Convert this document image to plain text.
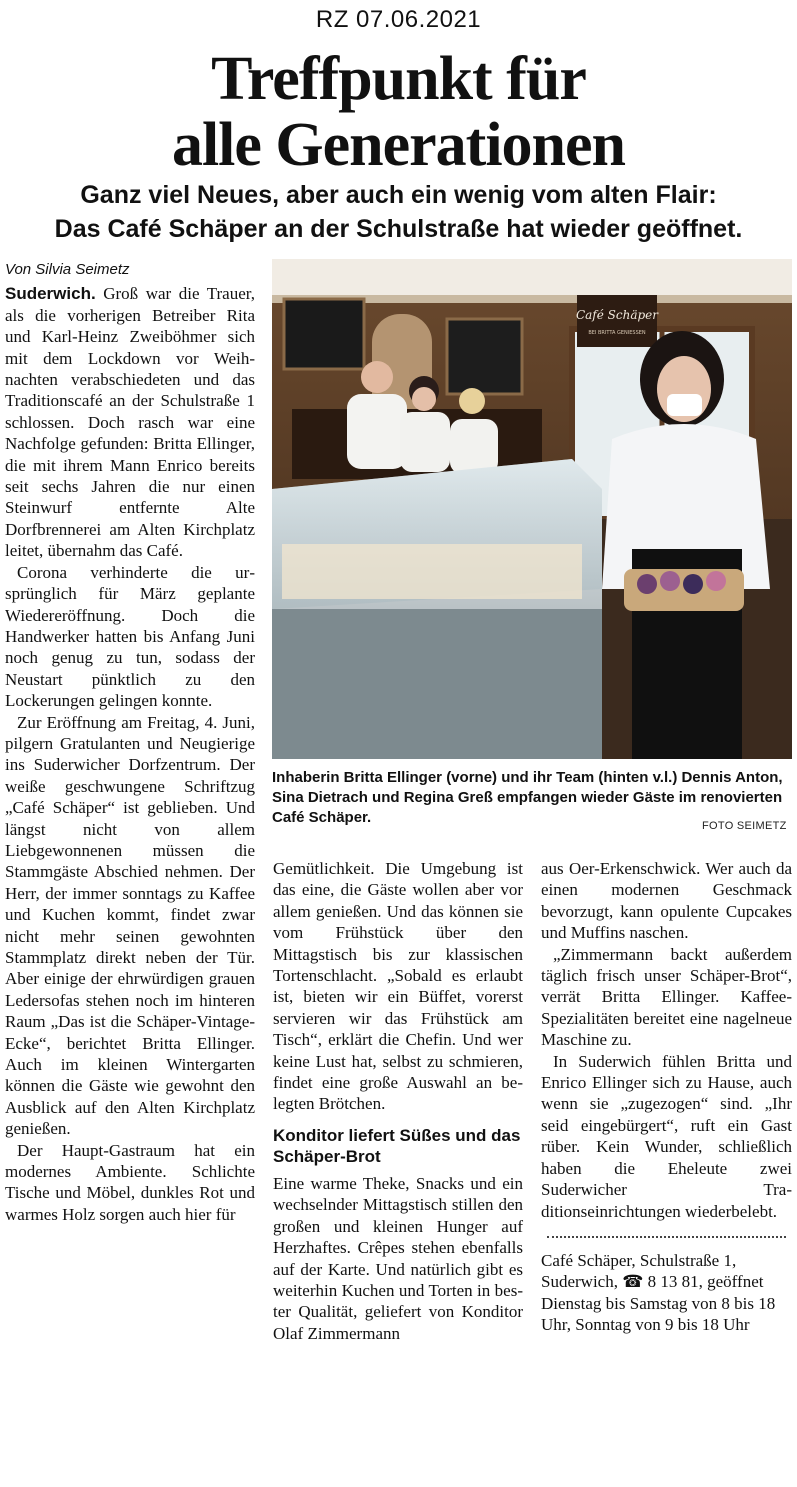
RZ 07.06.2021
Treffpunkt für
alle Generationen
Ganz viel Neues, aber auch ein wenig vom alten Flair:
Das Café Schäper an der Schulstraße hat wieder geöffnet.
Von Silvia Seimetz

Suderwich. Groß war die Trauer, als die vorherigen Betreiber Rita und Karl-Heinz Zweiböhmer sich mit dem Lockdown vor Weihnachten verabschiedeten und das Traditionscafé an der Schulstraße 1 schlossen. Doch rasch war eine Nachfolge gefunden: Britta Ellinger, die mit ihrem Mann Enrico bereits seit sechs Jahren die nur einen Steinwurf entfernte Alte Dorfbrennerei am Alten Kirchplatz leitet, übernahm das Café.

Corona verhinderte die ursprünglich für März geplante Wiedereröffnung. Doch die Handwerker hatten bis Anfang Juni noch genug zu tun, sodass der Neustart pünktlich zu den Lockerungen gelingen konnte.

Zur Eröffnung am Freitag, 4. Juni, pilgern Gratulanten und Neugierige ins Suderwicher Dorfzentrum. Der weiße geschwungene Schriftzug „Café Schäper“ ist geblieben. Und längst nicht von allem Liebgewonnenen müssen die Stammgäste Abschied nehmen. Der Herr, der immer sonntags zu Kaffee und Kuchen kommt, findet zwar nicht mehr seinen gewohnten Stammplatz direkt neben der Tür. Aber einige der ehrwürdigen grauen Ledersofas stehen noch im hinteren Raum „Das ist die Schäper-Vintage-Ecke“, berichtet Britta Ellinger. Auch im kleinen Wintergarten können die Gäste wie gewohnt den Ausblick auf den Alten Kirchplatz genießen.

Der Haupt-Gastraum hat ein modernes Ambiente. Schlichte Tische und Möbel, dunkles Rot und warmes Holz sorgen auch hier für

Café Schäper
BEI BRITTA GENIESSEN
Inhaberin Britta Ellinger (vorne) und ihr Team (hinten v.l.) Dennis Anton, Sina Dietrach und Regina Greß empfangen wieder Gäste im renovierten Café Schäper.	FOTO SEIMETZ

Gemütlichkeit. Die Umgebung ist das eine, die Gäste wollen aber vor allem genießen. Und das können sie vom Frühstück über den Mittagstisch bis zur klassischen Tortenschlacht. „Sobald es erlaubt ist, bieten wir ein Büffet, vorerst servieren wir das Frühstück am Tisch“, erklärt die Chefin. Und wer keine Lust hat, selbst zu schmieren, findet eine große Auswahl an belegten Brötchen.

Konditor liefert Süßes und das Schäper-Brot

Eine warme Theke, Snacks und ein wechselnder Mittagstisch stillen den großen und kleinen Hunger auf Herzhaftes. Crêpes stehen ebenfalls auf der Karte. Und natürlich gibt es weiterhin Kuchen und Torten in bester Qualität, geliefert von Konditor Olaf Zimmermann

aus Oer-Erkenschwick. Wer auch da einen modernen Geschmack bevorzugt, kann opulente Cupcakes und Muffins naschen.

„Zimmermann backt außerdem täglich frisch unser Schäper-Brot“, verrät Britta Ellinger. Kaffee-Spezialitäten bereitet eine nagelneue Maschine zu.

In Suderwich fühlen Britta und Enrico Ellinger sich zu Hause, auch wenn sie „zugezogen“ sind. „Ihr seid eingebürgert“, ruft ein Gast rüber. Kein Wunder, schließlich haben die Eheleute zwei Suderwicher Traditionseinrichtungen wiederbelebt.

Café Schäper, Schulstraße 1, Suderwich, ☎ 8 13 81, geöffnet Dienstag bis Samstag von 8 bis 18 Uhr, Sonntag von 9 bis 18 Uhr
